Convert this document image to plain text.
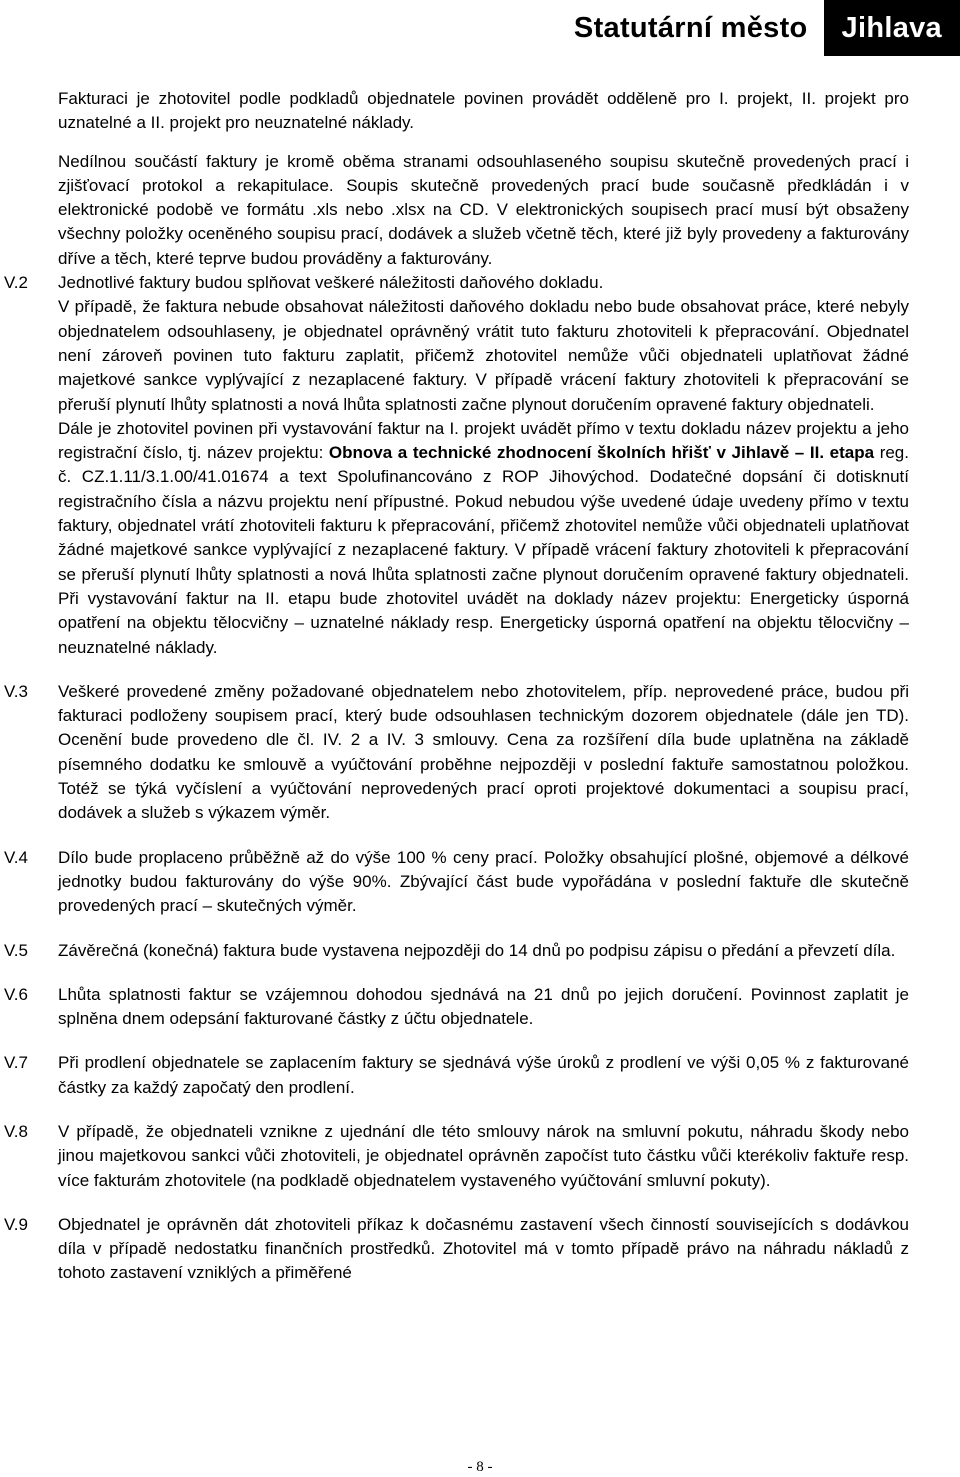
Statutární město	Jihlava

Fakturaci je zhotovitel podle podkladů objednatele povinen provádět odděleně pro I. projekt, II. projekt pro uznatelné a II. projekt pro neuznatelné náklady.

Nedílnou součástí faktury je kromě oběma stranami odsouhlaseného soupisu skutečně provedených prací i zjišťovací protokol a rekapitulace. Soupis skutečně provedených prací bude současně předkládán i v elektronické podobě ve formátu .xls nebo .xlsx na CD. V elektronických soupisech prací musí být obsaženy všechny položky oceněného soupisu prací, dodávek a služeb včetně těch, které již byly provedeny a fakturovány dříve a těch, které teprve budou prováděny a fakturovány.

V.2 Jednotlivé faktury budou splňovat veškeré náležitosti daňového dokladu.

V případě, že faktura nebude obsahovat náležitosti daňového dokladu nebo bude obsahovat práce, které nebyly objednatelem odsouhlaseny, je objednatel oprávněný vrátit tuto fakturu zhotoviteli k přepracování. Objednatel není zároveň povinen tuto fakturu zaplatit, přičemž zhotovitel nemůže vůči objednateli uplatňovat žádné majetkové sankce vyplývající z nezaplacené faktury. V případě vrácení faktury zhotoviteli k přepracování se přeruší plynutí lhůty splatnosti a nová lhůta splatnosti začne plynout doručením opravené faktury objednateli.

Dále je zhotovitel povinen při vystavování faktur na I. projekt uvádět přímo v textu dokladu název projektu a jeho registrační číslo, tj. název projektu: Obnova a technické zhodnocení školních hřišť v Jihlavě – II. etapa reg. č. CZ.1.11/3.1.00/41.01674 a text Spolufinancováno z ROP Jihovýchod. Dodatečné dopsání či dotisknutí registračního čísla a názvu projektu není přípustné. Pokud nebudou výše uvedené údaje uvedeny přímo v textu faktury, objednatel vrátí zhotoviteli fakturu k přepracování, přičemž zhotovitel nemůže vůči objednateli uplatňovat žádné majetkové sankce vyplývající z nezaplacené faktury. V případě vrácení faktury zhotoviteli k přepracování se přeruší plynutí lhůty splatnosti a nová lhůta splatnosti začne plynout doručením opravené faktury objednateli. Při vystavování faktur na II. etapu bude zhotovitel uvádět na doklady název projektu: Energeticky úsporná opatření na objektu tělocvičny – uznatelné náklady resp. Energeticky úsporná opatření na objektu tělocvičny – neuznatelné náklady.

V.3 Veškeré provedené změny požadované objednatelem nebo zhotovitelem, příp. neprovedené práce, budou při fakturaci podloženy soupisem prací, který bude odsouhlasen technickým dozorem objednatele (dále jen TD). Ocenění bude provedeno dle čl. IV. 2 a IV. 3 smlouvy. Cena za rozšíření díla bude uplatněna na základě písemného dodatku ke smlouvě a vyúčtování proběhne nejpozději v poslední faktuře samostatnou položkou. Totéž se týká vyčíslení a vyúčtování neprovedených prací oproti projektové dokumentaci a soupisu prací, dodávek a služeb s výkazem výměr.

V.4 Dílo bude proplaceno průběžně až do výše 100 % ceny prací. Položky obsahující plošné, objemové a délkové jednotky budou fakturovány do výše 90%. Zbývající část bude vypořádána v poslední faktuře dle skutečně provedených prací – skutečných výměr.

V.5 Závěrečná (konečná) faktura bude vystavena nejpozději do 14 dnů po podpisu zápisu o předání a převzetí díla.

V.6 Lhůta splatnosti faktur se vzájemnou dohodou sjednává na 21 dnů po jejich doručení. Povinnost zaplatit je splněna dnem odepsání fakturované částky z účtu objednatele.

V.7 Při prodlení objednatele se zaplacením faktury se sjednává výše úroků z prodlení ve výši 0,05 % z fakturované částky za každý započatý den prodlení.

V.8 V případě, že objednateli vznikne z ujednání dle této smlouvy nárok na smluvní pokutu, náhradu škody nebo jinou majetkovou sankci vůči zhotoviteli, je objednatel oprávněn započíst tuto částku vůči kterékoliv faktuře resp. více fakturám zhotovitele (na podkladě objednatelem vystaveného vyúčtování smluvní pokuty).

V.9 Objednatel je oprávněn dát zhotoviteli příkaz k dočasnému zastavení všech činností souvisejících s dodávkou díla v případě nedostatku finančních prostředků. Zhotovitel má v tomto případě právo na náhradu nákladů z tohoto zastavení vzniklých a přiměřené

- 8 -
